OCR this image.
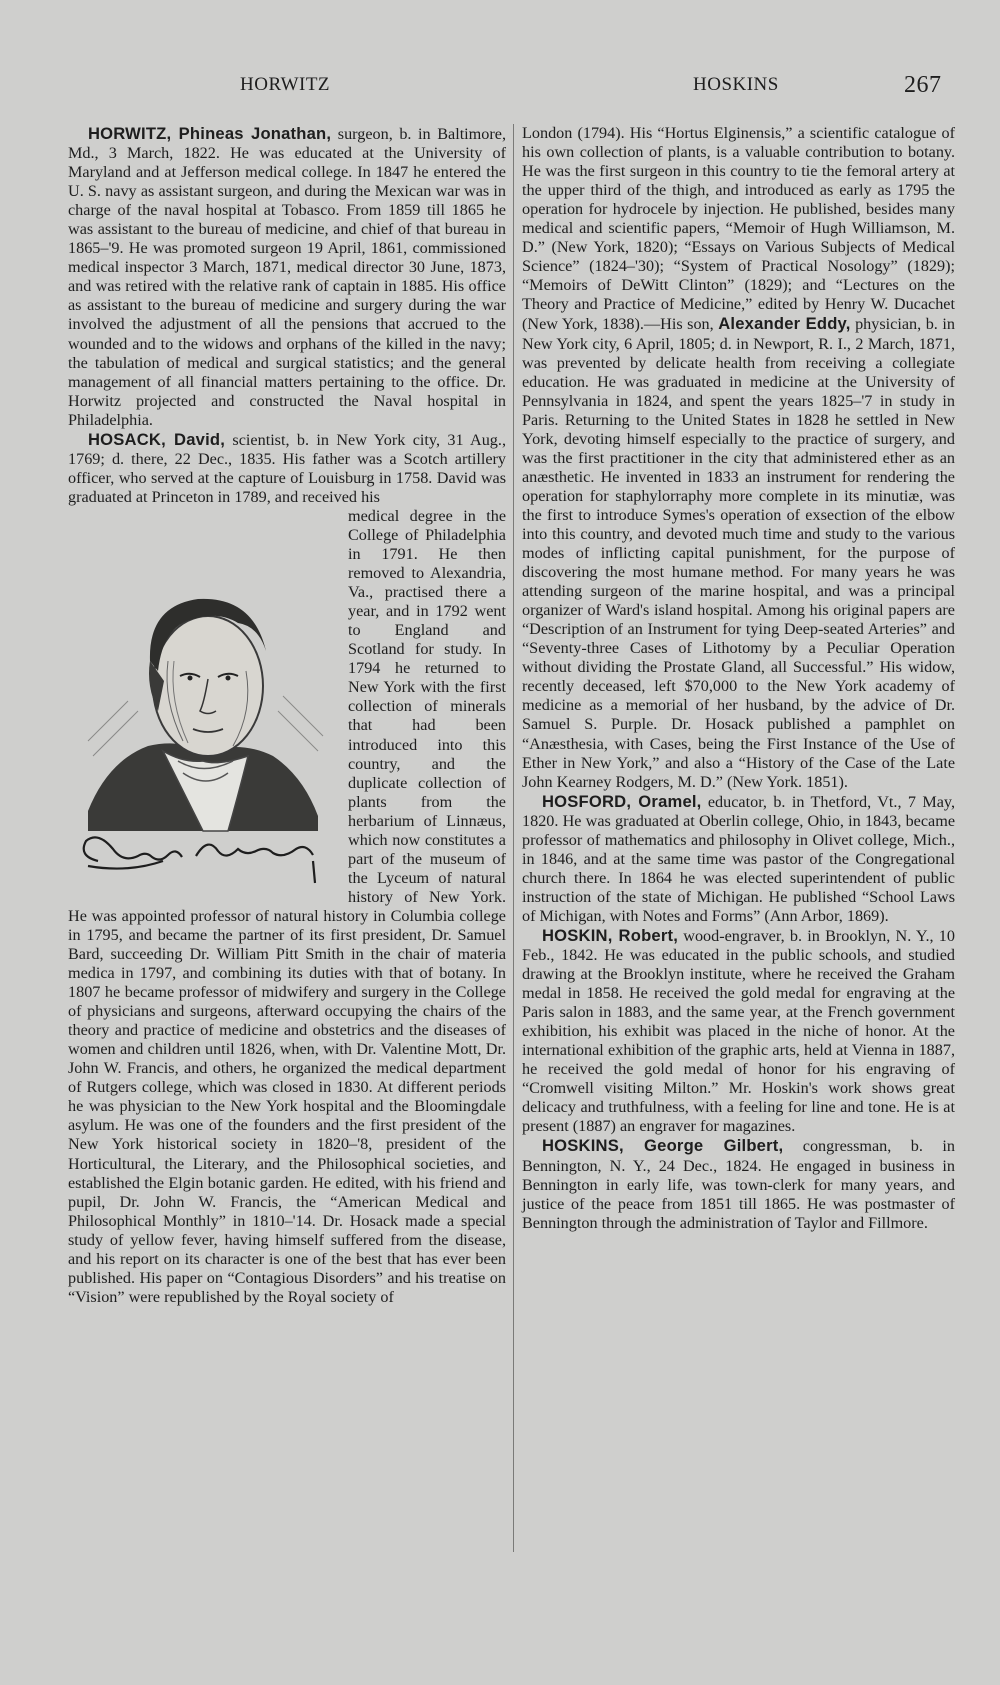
HORWITZ	HOSKINS	267

HORWITZ, Phineas Jonathan, surgeon, b. in Baltimore, Md., 3 March, 1822. He was educated at the University of Maryland and at Jefferson medical college. In 1847 he entered the U. S. navy as assistant surgeon, and during the Mexican war was in charge of the naval hospital at Tobasco. From 1859 till 1865 he was assistant to the bureau of medicine, and chief of that bureau in 1865–'9. He was promoted surgeon 19 April, 1861, commissioned medical inspector 3 March, 1871, medical director 30 June, 1873, and was retired with the relative rank of captain in 1885. His office as assistant to the bureau of medicine and surgery during the war involved the adjustment of all the pensions that accrued to the wounded and to the widows and orphans of the killed in the navy; the tabulation of medical and surgical statistics; and the general management of all financial matters pertaining to the office. Dr. Horwitz projected and constructed the Naval hospital in Philadelphia.

HOSACK, David, scientist, b. in New York city, 31 Aug., 1769; d. there, 22 Dec., 1835. His father was a Scotch artillery officer, who served at the capture of Louisburg in 1758. David was graduated at Princeton in 1789, and received his

medical degree in the College of Philadelphia in 1791. He then removed to Alexandria, Va., practised there a year, and in 1792 went to England and Scotland for study. In 1794 he returned to New York with the first collection of minerals that had been introduced into this country, and the duplicate collection of plants from the herbarium of Linnæus, which now constitutes a part of the museum of the Lyceum of natural history of New York. He was appointed professor of natural history in Columbia college in 1795, and became the partner of its first president, Dr. Samuel Bard, succeeding Dr. William Pitt Smith in the chair of materia medica in 1797, and combining its duties with that of botany. In 1807 he became professor of midwifery and surgery in the College of physicians and surgeons, afterward occupying the chairs of the theory and practice of medicine and obstetrics and the diseases of women and children until 1826, when, with Dr. Valentine Mott, Dr. John W. Francis, and others, he organized the medical department of Rutgers college, which was closed in 1830. At different periods he was physician to the New York hospital and the Bloomingdale asylum. He was one of the founders and the first president of the New York historical society in 1820–'8, president of the Horticultural, the Literary, and the Philosophical societies, and established the Elgin botanic garden. He edited, with his friend and pupil, Dr. John W. Francis, the “American Medical and Philosophical Monthly” in 1810–'14. Dr. Hosack made a special study of yellow fever, having himself suffered from the disease, and his report on its character is one of the best that has ever been published. His paper on “Contagious Disorders” and his treatise on “Vision” were republished by the Royal society of

London (1794). His “Hortus Elginensis,” a scientific catalogue of his own collection of plants, is a valuable contribution to botany. He was the first surgeon in this country to tie the femoral artery at the upper third of the thigh, and introduced as early as 1795 the operation for hydrocele by injection. He published, besides many medical and scientific papers, “Memoir of Hugh Williamson, M. D.” (New York, 1820); “Essays on Various Subjects of Medical Science” (1824–'30); “System of Practical Nosology” (1829); “Memoirs of DeWitt Clinton” (1829); and “Lectures on the Theory and Practice of Medicine,” edited by Henry W. Ducachet (New York, 1838).—His son, Alexander Eddy, physician, b. in New York city, 6 April, 1805; d. in Newport, R. I., 2 March, 1871, was prevented by delicate health from receiving a collegiate education. He was graduated in medicine at the University of Pennsylvania in 1824, and spent the years 1825–'7 in study in Paris. Returning to the United States in 1828 he settled in New York, devoting himself especially to the practice of surgery, and was the first practitioner in the city that administered ether as an anæsthetic. He invented in 1833 an instrument for rendering the operation for staphylorraphy more complete in its minutiæ, was the first to introduce Symes's operation of exsection of the elbow into this country, and devoted much time and study to the various modes of inflicting capital punishment, for the purpose of discovering the most humane method. For many years he was attending surgeon of the marine hospital, and was a principal organizer of Ward's island hospital. Among his original papers are “Description of an Instrument for tying Deep-seated Arteries” and “Seventy-three Cases of Lithotomy by a Peculiar Operation without dividing the Prostate Gland, all Successful.” His widow, recently deceased, left $70,000 to the New York academy of medicine as a memorial of her husband, by the advice of Dr. Samuel S. Purple. Dr. Hosack published a pamphlet on “Anæsthesia, with Cases, being the First Instance of the Use of Ether in New York,” and also a “History of the Case of the Late John Kearney Rodgers, M. D.” (New York. 1851).

HOSFORD, Oramel, educator, b. in Thetford, Vt., 7 May, 1820. He was graduated at Oberlin college, Ohio, in 1843, became professor of mathematics and philosophy in Olivet college, Mich., in 1846, and at the same time was pastor of the Congregational church there. In 1864 he was elected superintendent of public instruction of the state of Michigan. He published “School Laws of Michigan, with Notes and Forms” (Ann Arbor, 1869).

HOSKIN, Robert, wood-engraver, b. in Brooklyn, N. Y., 10 Feb., 1842. He was educated in the public schools, and studied drawing at the Brooklyn institute, where he received the Graham medal in 1858. He received the gold medal for engraving at the Paris salon in 1883, and the same year, at the French government exhibition, his exhibit was placed in the niche of honor. At the international exhibition of the graphic arts, held at Vienna in 1887, he received the gold medal of honor for his engraving of “Cromwell visiting Milton.” Mr. Hoskin's work shows great delicacy and truthfulness, with a feeling for line and tone. He is at present (1887) an engraver for magazines.

HOSKINS, George Gilbert, congressman, b. in Bennington, N. Y., 24 Dec., 1824. He engaged in business in Bennington in early life, was town-clerk for many years, and justice of the peace from 1851 till 1865. He was postmaster of Bennington through the administration of Taylor and Fillmore.
